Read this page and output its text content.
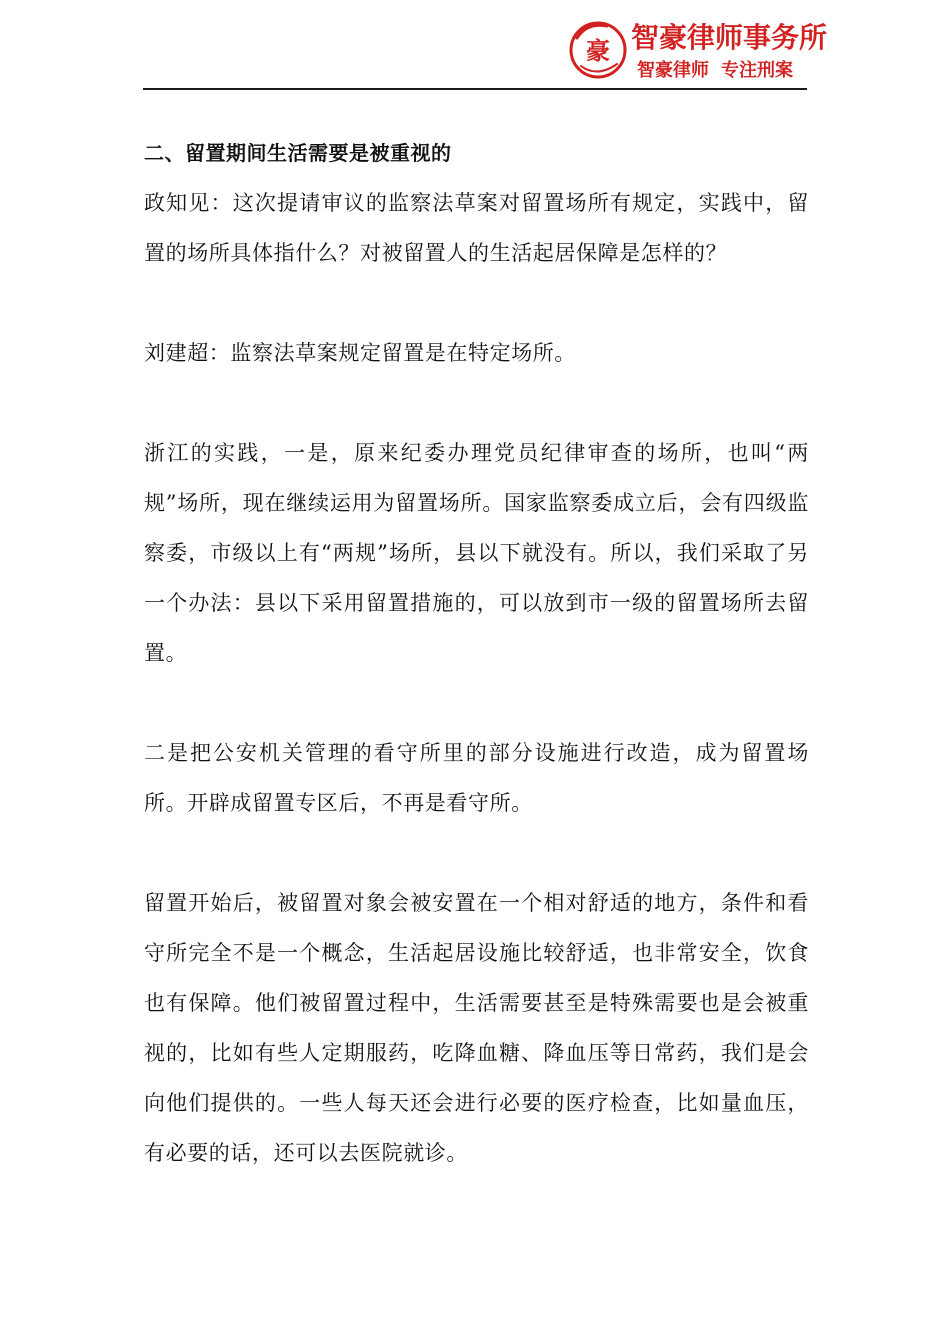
豪 智豪律师事务所
智豪律师 专注刑案

二、留置期间生活需要是被重视的

政知见：这次提请审议的监察法草案对留置场所有规定，实践中，留置的场所具体指什么？对被留置人的生活起居保障是怎样的？

刘建超：监察法草案规定留置是在特定场所。

浙江的实践，一是，原来纪委办理党员纪律审查的场所，也叫“两规”场所，现在继续运用为留置场所。国家监察委成立后，会有四级监察委，市级以上有“两规”场所，县以下就没有。所以，我们采取了另一个办法：县以下采用留置措施的，可以放到市一级的留置场所去留置。

二是把公安机关管理的看守所里的部分设施进行改造，成为留置场所。开辟成留置专区后，不再是看守所。

留置开始后，被留置对象会被安置在一个相对舒适的地方，条件和看守所完全不是一个概念，生活起居设施比较舒适，也非常安全，饮食也有保障。他们被留置过程中，生活需要甚至是特殊需要也是会被重视的，比如有些人定期服药，吃降血糖、降血压等日常药，我们是会向他们提供的。一些人每天还会进行必要的医疗检查，比如量血压，有必要的话，还可以去医院就诊。
